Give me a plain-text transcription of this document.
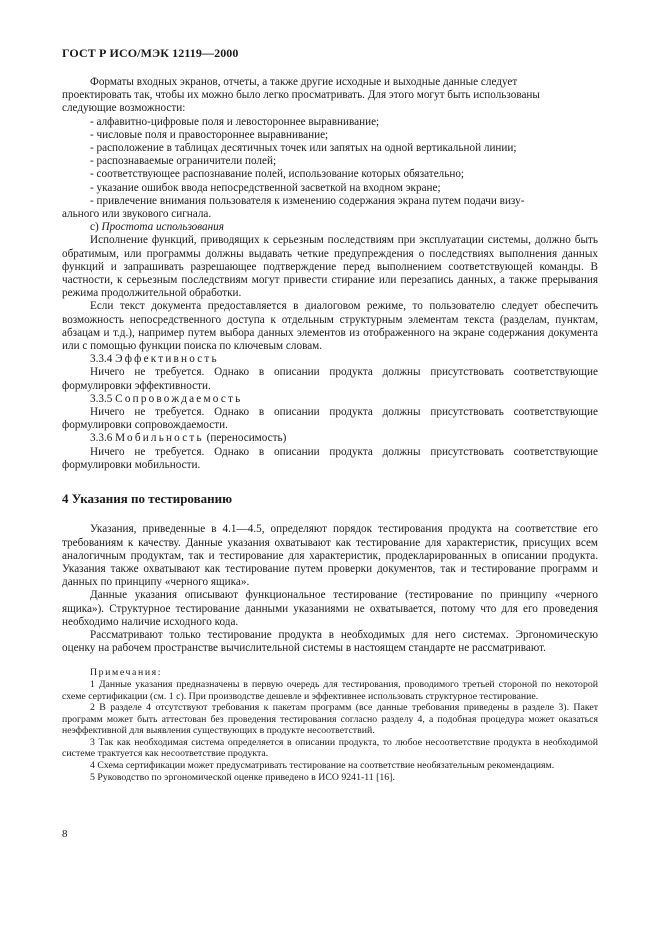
ГОСТ Р ИСО/МЭК 12119—2000

Форматы входных экранов, отчеты, а также другие исходные и выходные данные следует

проектировать так, чтобы их можно было легко просматривать. Для этого могут быть использованы

следующие возможности:

- алфавитно-цифровые поля и левостороннее выравнивание;

- числовые поля и правостороннее выравнивание;

- расположение в таблицах десятичных точек или запятых на одной вертикальной линии;

- распознаваемые ограничители полей;

- соответствующее распознавание полей, использование которых обязательно;

- указание ошибок ввода непосредственной засветкой на входном экране;

- привлечение внимания пользователя к изменению содержания экрана путем подачи визу-

ального или звукового сигнала.

c) Простота использования

Исполнение функций, приводящих к серьезным последствиям при эксплуатации системы, должно быть обратимым, или программы должны выдавать четкие предупреждения о последствиях выполнения данных функций и запрашивать разрешающее подтверждение перед выполнением соответствующей команды. В частности, к серьезным последствиям могут привести стирание или перезапись данных, а также прерывания режима продолжительной обработки.

Если текст документа предоставляется в диалоговом режиме, то пользователю следует обеспечить возможность непосредственного доступа к отдельным структурным элементам текста (разделам, пунктам, абзацам и т.д.), например путем выбора данных элементов из отображенного на экране содержания документа или с помощью функции поиска по ключевым словам.

3.3.4 Эффективность

Ничего не требуется. Однако в описании продукта должны присутствовать соответствующие формулировки эффективности.

3.3.5 Сопровождаемость

Ничего не требуется. Однако в описании продукта должны присутствовать соответствующие формулировки сопровождаемости.

3.3.6 Мобильность (переносимость)

Ничего не требуется. Однако в описании продукта должны присутствовать соответствующие формулировки мобильности.

4 Указания по тестированию

Указания, приведенные в 4.1—4.5, определяют порядок тестирования продукта на соответствие его требованиям к качеству. Данные указания охватывают как тестирование для характеристик, присущих всем аналогичным продуктам, так и тестирование для характеристик, продекларированных в описании продукта. Указания также охватывают как тестирование путем проверки документов, так и тестирование программ и данных по принципу «черного ящика».

Данные указания описывают функциональное тестирование (тестирование по принципу «черного ящика»). Структурное тестирование данными указаниями не охватывается, потому что для его проведения необходимо наличие исходного кода.

Рассматривают только тестирование продукта в необходимых для него системах. Эргономическую оценку на рабочем пространстве вычислительной системы в настоящем стандарте не рассматривают.

Примечания:

1 Данные указания предназначены в первую очередь для тестирования, проводимого третьей стороной по некоторой схеме сертификации (см. 1 с). При производстве дешевле и эффективнее использовать структурное тестирование.

2 В разделе 4 отсутствуют требования к пакетам программ (все данные требования приведены в разделе 3). Пакет программ может быть аттестован без проведения тестирования согласно разделу 4, а подобная процедура может оказаться неэффективной для выявления существующих в продукте несоответствий.

3 Так как необходимая система определяется в описании продукта, то любое несоответствие продукта в необходимой системе трактуется как несоответствие продукта.

4 Схема сертификации может предусматривать тестирование на соответствие необязательным рекомендациям.

5 Руководство по эргономической оценке приведено в ИСО 9241-11 [16].

8
